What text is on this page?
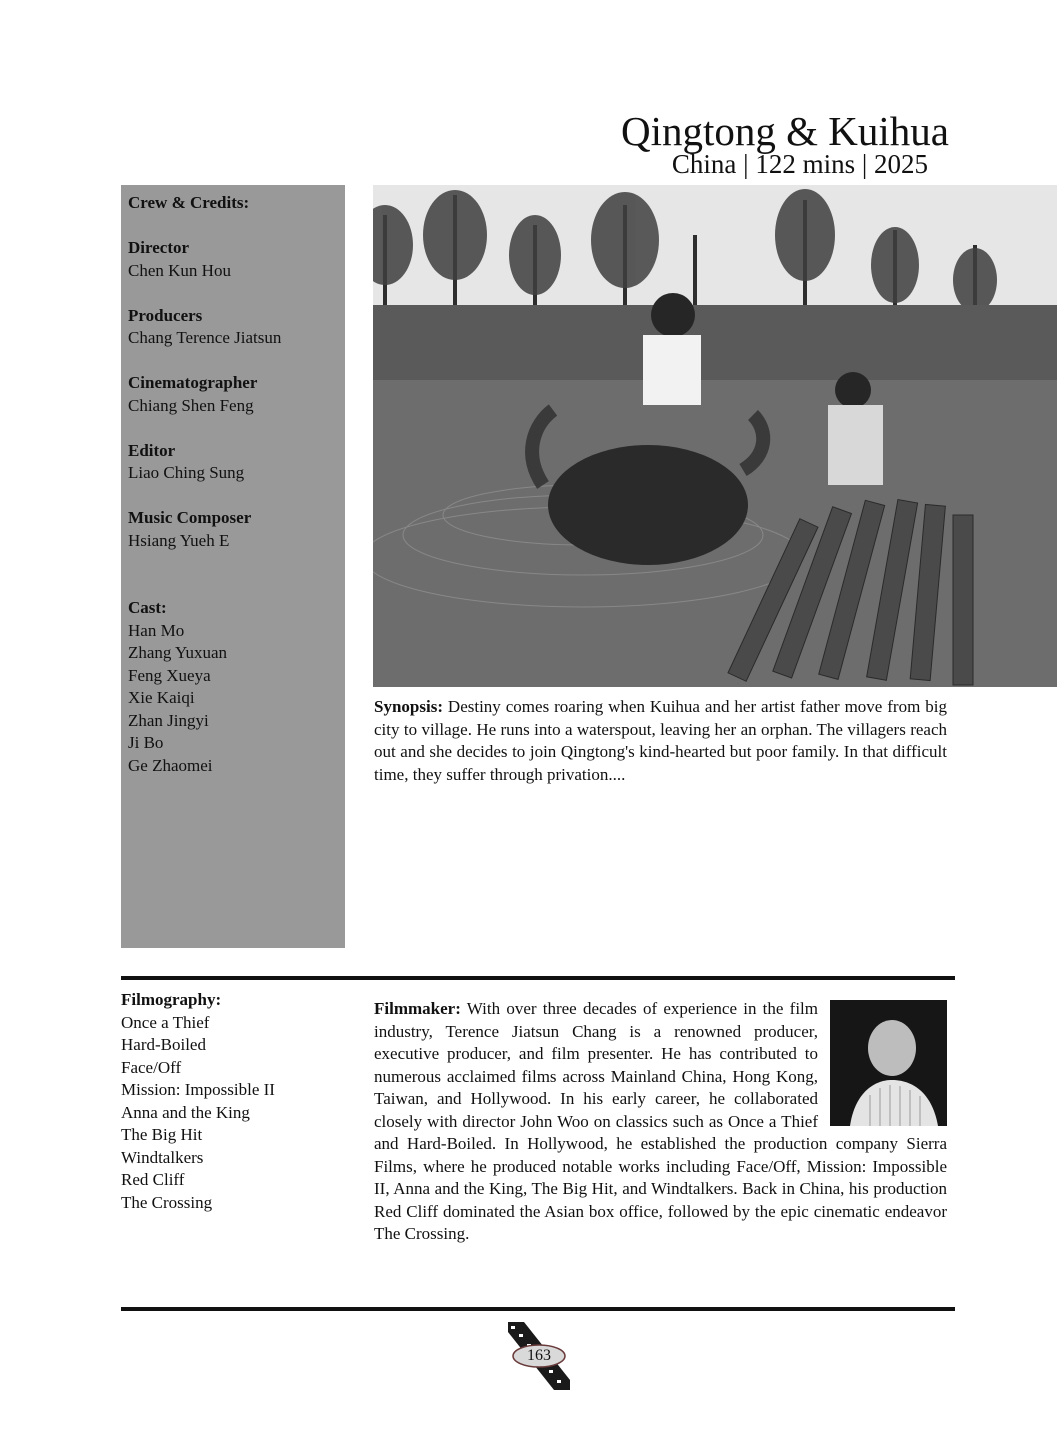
Qingtong & Kuihua
China | 122 mins | 2025
Crew & Credits:
Director
Chen Kun Hou
Producers
Chang Terence Jiatsun
Cinematographer
Chiang Shen Feng
Editor
Liao Ching Sung
Music Composer
Hsiang Yueh E
Cast:
Han Mo
Zhang Yuxuan
Feng Xueya
Xie Kaiqi
Zhan Jingyi
Ji Bo
Ge Zhaomei
Synopsis: Destiny comes roaring when Kuihua and her artist father move from big city to village. He runs into a waterspout, leaving her an orphan. The villagers reach out and she decides to join Qingtong's kind-hearted but poor family. In that difficult time, they suffer through privation....
Filmography:
Once a Thief
Hard-Boiled
Face/Off
Mission: Impossible II
Anna and the King
The Big Hit
Windtalkers
Red Cliff
The Crossing
Filmmaker: With over three decades of experience in the film industry, Terence Jiatsun Chang is a renowned producer, executive producer, and film presenter. He has contributed to numerous acclaimed films across Mainland China, Hong Kong, Taiwan, and Hollywood. In his early career, he collaborated closely with director John Woo on classics such as Once a Thief and Hard-Boiled. In Hollywood, he established the production company Sierra Films, where he produced notable works including Face/Off, Mission: Impossible II, Anna and the King, The Big Hit, and Windtalkers. Back in China, his production Red Cliff dominated the Asian box office, followed by the epic cinematic endeavor The Crossing.
163
